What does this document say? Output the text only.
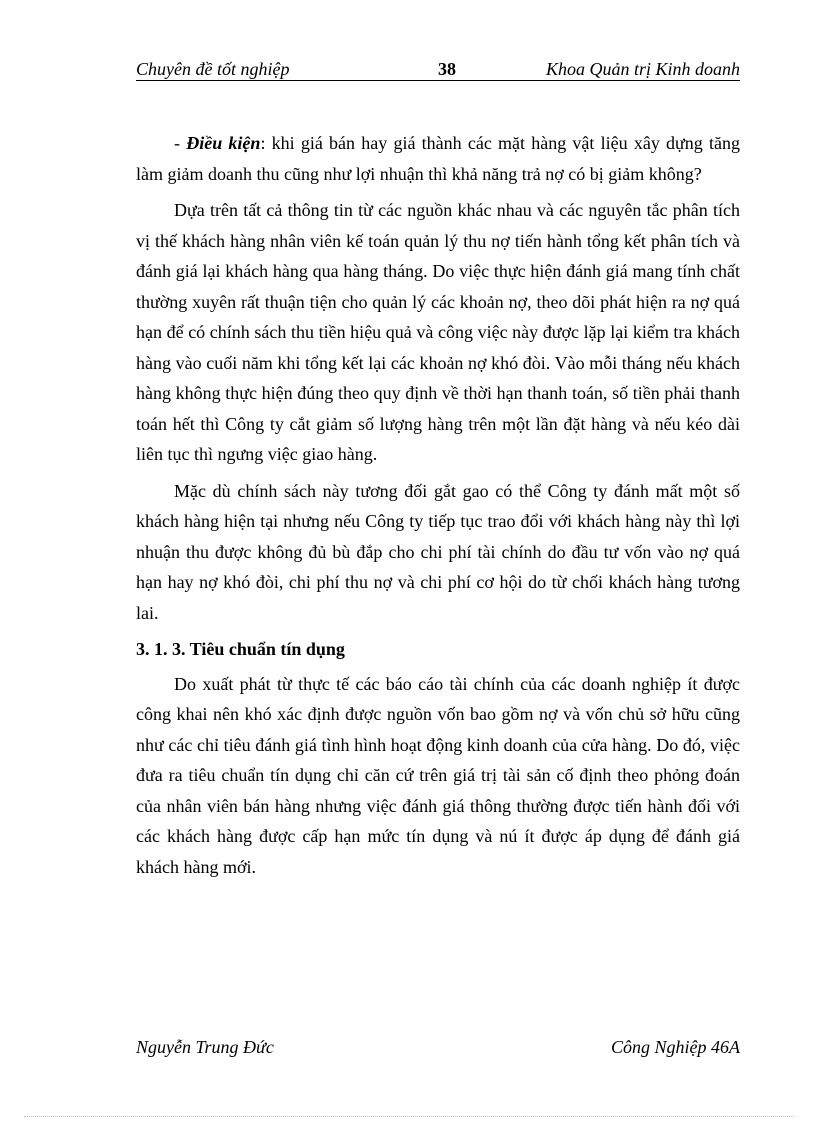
Chuyên đề tốt nghiệp	38	Khoa Quản trị Kinh doanh

- Điều kiện: khi giá bán hay giá thành các mặt hàng vật liệu xây dựng tăng làm giảm doanh thu cũng như lợi nhuận thì khả năng trả nợ có bị giảm không?

Dựa trên tất cả thông tin từ các nguồn khác nhau và các nguyên tắc phân tích vị thế khách hàng nhân viên kế toán quản lý thu nợ tiến hành tổng kết phân tích và đánh giá lại khách hàng qua hàng tháng. Do việc thực hiện đánh giá mang tính chất thường xuyên rất thuận tiện cho quản lý các khoản nợ, theo dõi phát hiện ra nợ quá hạn để có chính sách thu tiền hiệu quả và công việc này được lặp lại kiểm tra khách hàng vào cuối năm khi tổng kết lại các khoản nợ khó đòi. Vào mỗi tháng nếu khách hàng không thực hiện đúng theo quy định về thời hạn thanh toán, số tiền phải thanh toán hết thì Công ty cắt giảm số lượng hàng trên một lần đặt hàng và nếu kéo dài liên tục thì ngưng việc giao hàng.

Mặc dù chính sách này tương đối gắt gao có thể Công ty đánh mất một số khách hàng hiện tại nhưng nếu Công ty tiếp tục trao đổi với khách hàng này thì lợi nhuận thu được không đủ bù đắp cho chi phí tài chính do đầu tư vốn vào nợ quá hạn hay nợ khó đòi, chi phí thu nợ và chi phí cơ hội do từ chối khách hàng tương lai.

3. 1. 3. Tiêu chuẩn tín dụng

Do xuất phát từ thực tế các báo cáo tài chính của các doanh nghiệp ít được công khai nên khó xác định được nguồn vốn bao gồm nợ và vốn chủ sở hữu cũng như các chỉ tiêu đánh giá tình hình hoạt động kinh doanh của cửa hàng. Do đó, việc đưa ra tiêu chuẩn tín dụng chỉ căn cứ trên giá trị tài sản cố định theo phỏng đoán của nhân viên bán hàng nhưng việc đánh giá thông thường được tiến hành đối với các khách hàng được cấp hạn mức tín dụng và nú ít được áp dụng để đánh giá khách hàng mới.

Nguyễn Trung Đức	Công Nghiệp 46A
